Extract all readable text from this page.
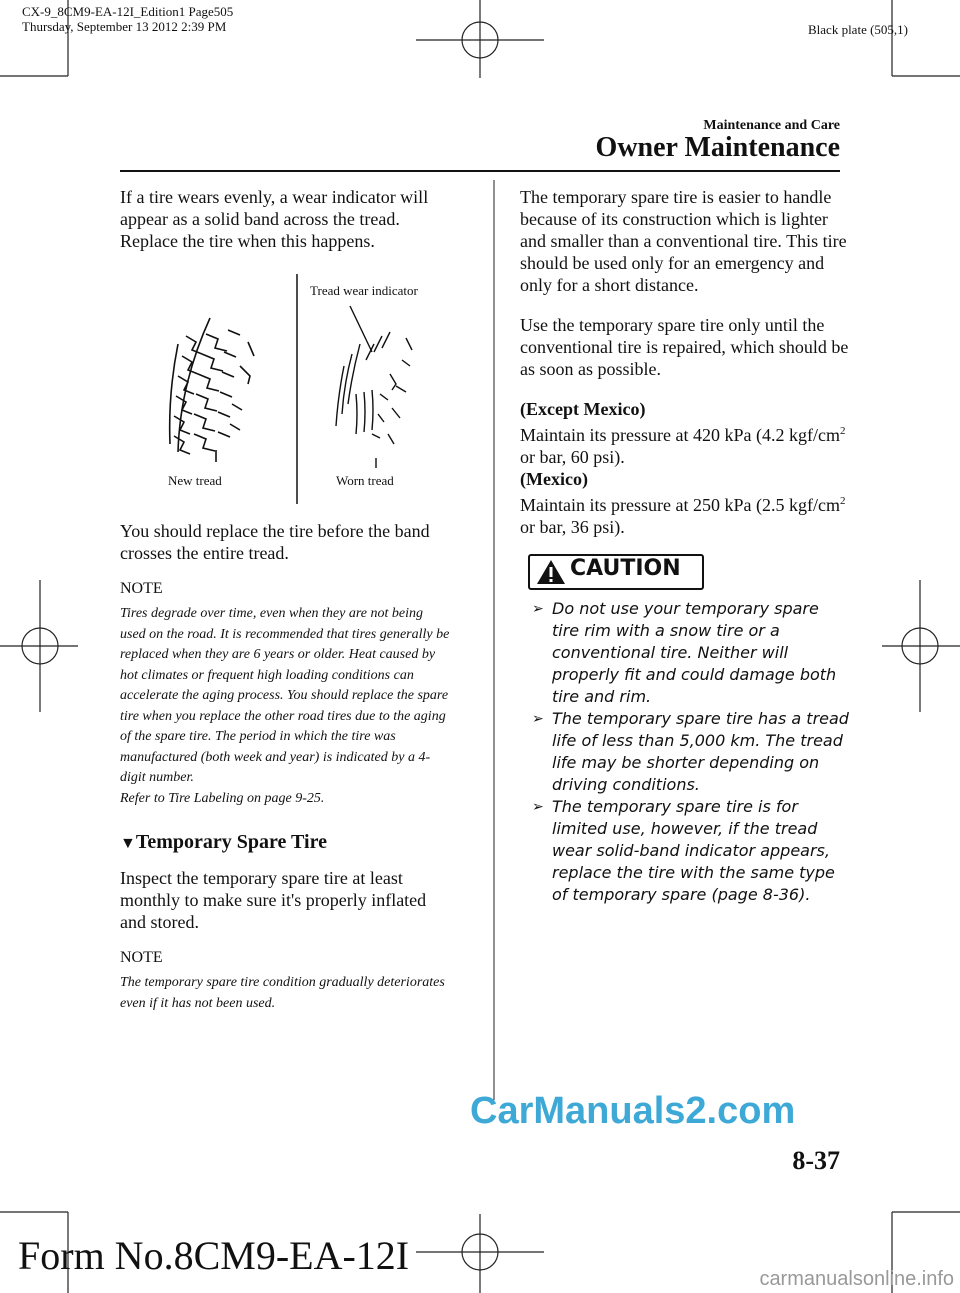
CX-9_8CM9-EA-12I_Edition1 Page505
Thursday, September 13 2012 2:39 PM	Black plate (505,1)
Maintenance and Care
Owner Maintenance

If a tire wears evenly, a wear indicator will appear as a solid band across the tread.

Replace the tire when this happens.

Tread wear indicator
New tread	Worn tread

You should replace the tire before the band crosses the entire tread.

NOTE
Tires degrade over time, even when they are not being used on the road. It is recommended that tires generally be replaced when they are 6 years or older. Heat caused by hot climates or frequent high loading conditions can accelerate the aging process. You should replace the spare tire when you replace the other road tires due to the aging of the spare tire. The period in which the tire was manufactured (both week and year) is indicated by a 4-digit number.
Refer to Tire Labeling on page 9-25.
▼Temporary Spare Tire

Inspect the temporary spare tire at least monthly to make sure it's properly inflated and stored.

NOTE
The temporary spare tire condition gradually deteriorates even if it has not been used.

The temporary spare tire is easier to handle because of its construction which is lighter and smaller than a conventional tire. This tire should be used only for an emergency and only for a short distance.

Use the temporary spare tire only until the conventional tire is repaired, which should be as soon as possible.

(Except Mexico)

Maintain its pressure at 420 kPa (4.2 kgf/$cm^2$ or bar, 60 psi).

(Mexico)

Maintain its pressure at 250 kPa (2.5 kgf/$cm^2$ or bar, 36 psi).

CAUTION
➢ Do not use your temporary spare tire rim with a snow tire or a conventional tire. Neither will properly fit and could damage both tire and rim.
➢ The temporary spare tire has a tread life of less than 5,000 km. The tread life may be shorter depending on driving conditions.
➢ The temporary spare tire is for limited use, however, if the tread wear solid-band indicator appears, replace the tire with the same type of temporary spare (page 8-36).
CarManuals2.com
8-37
Form No.8CM9-EA-12I
carmanualsonline.info
